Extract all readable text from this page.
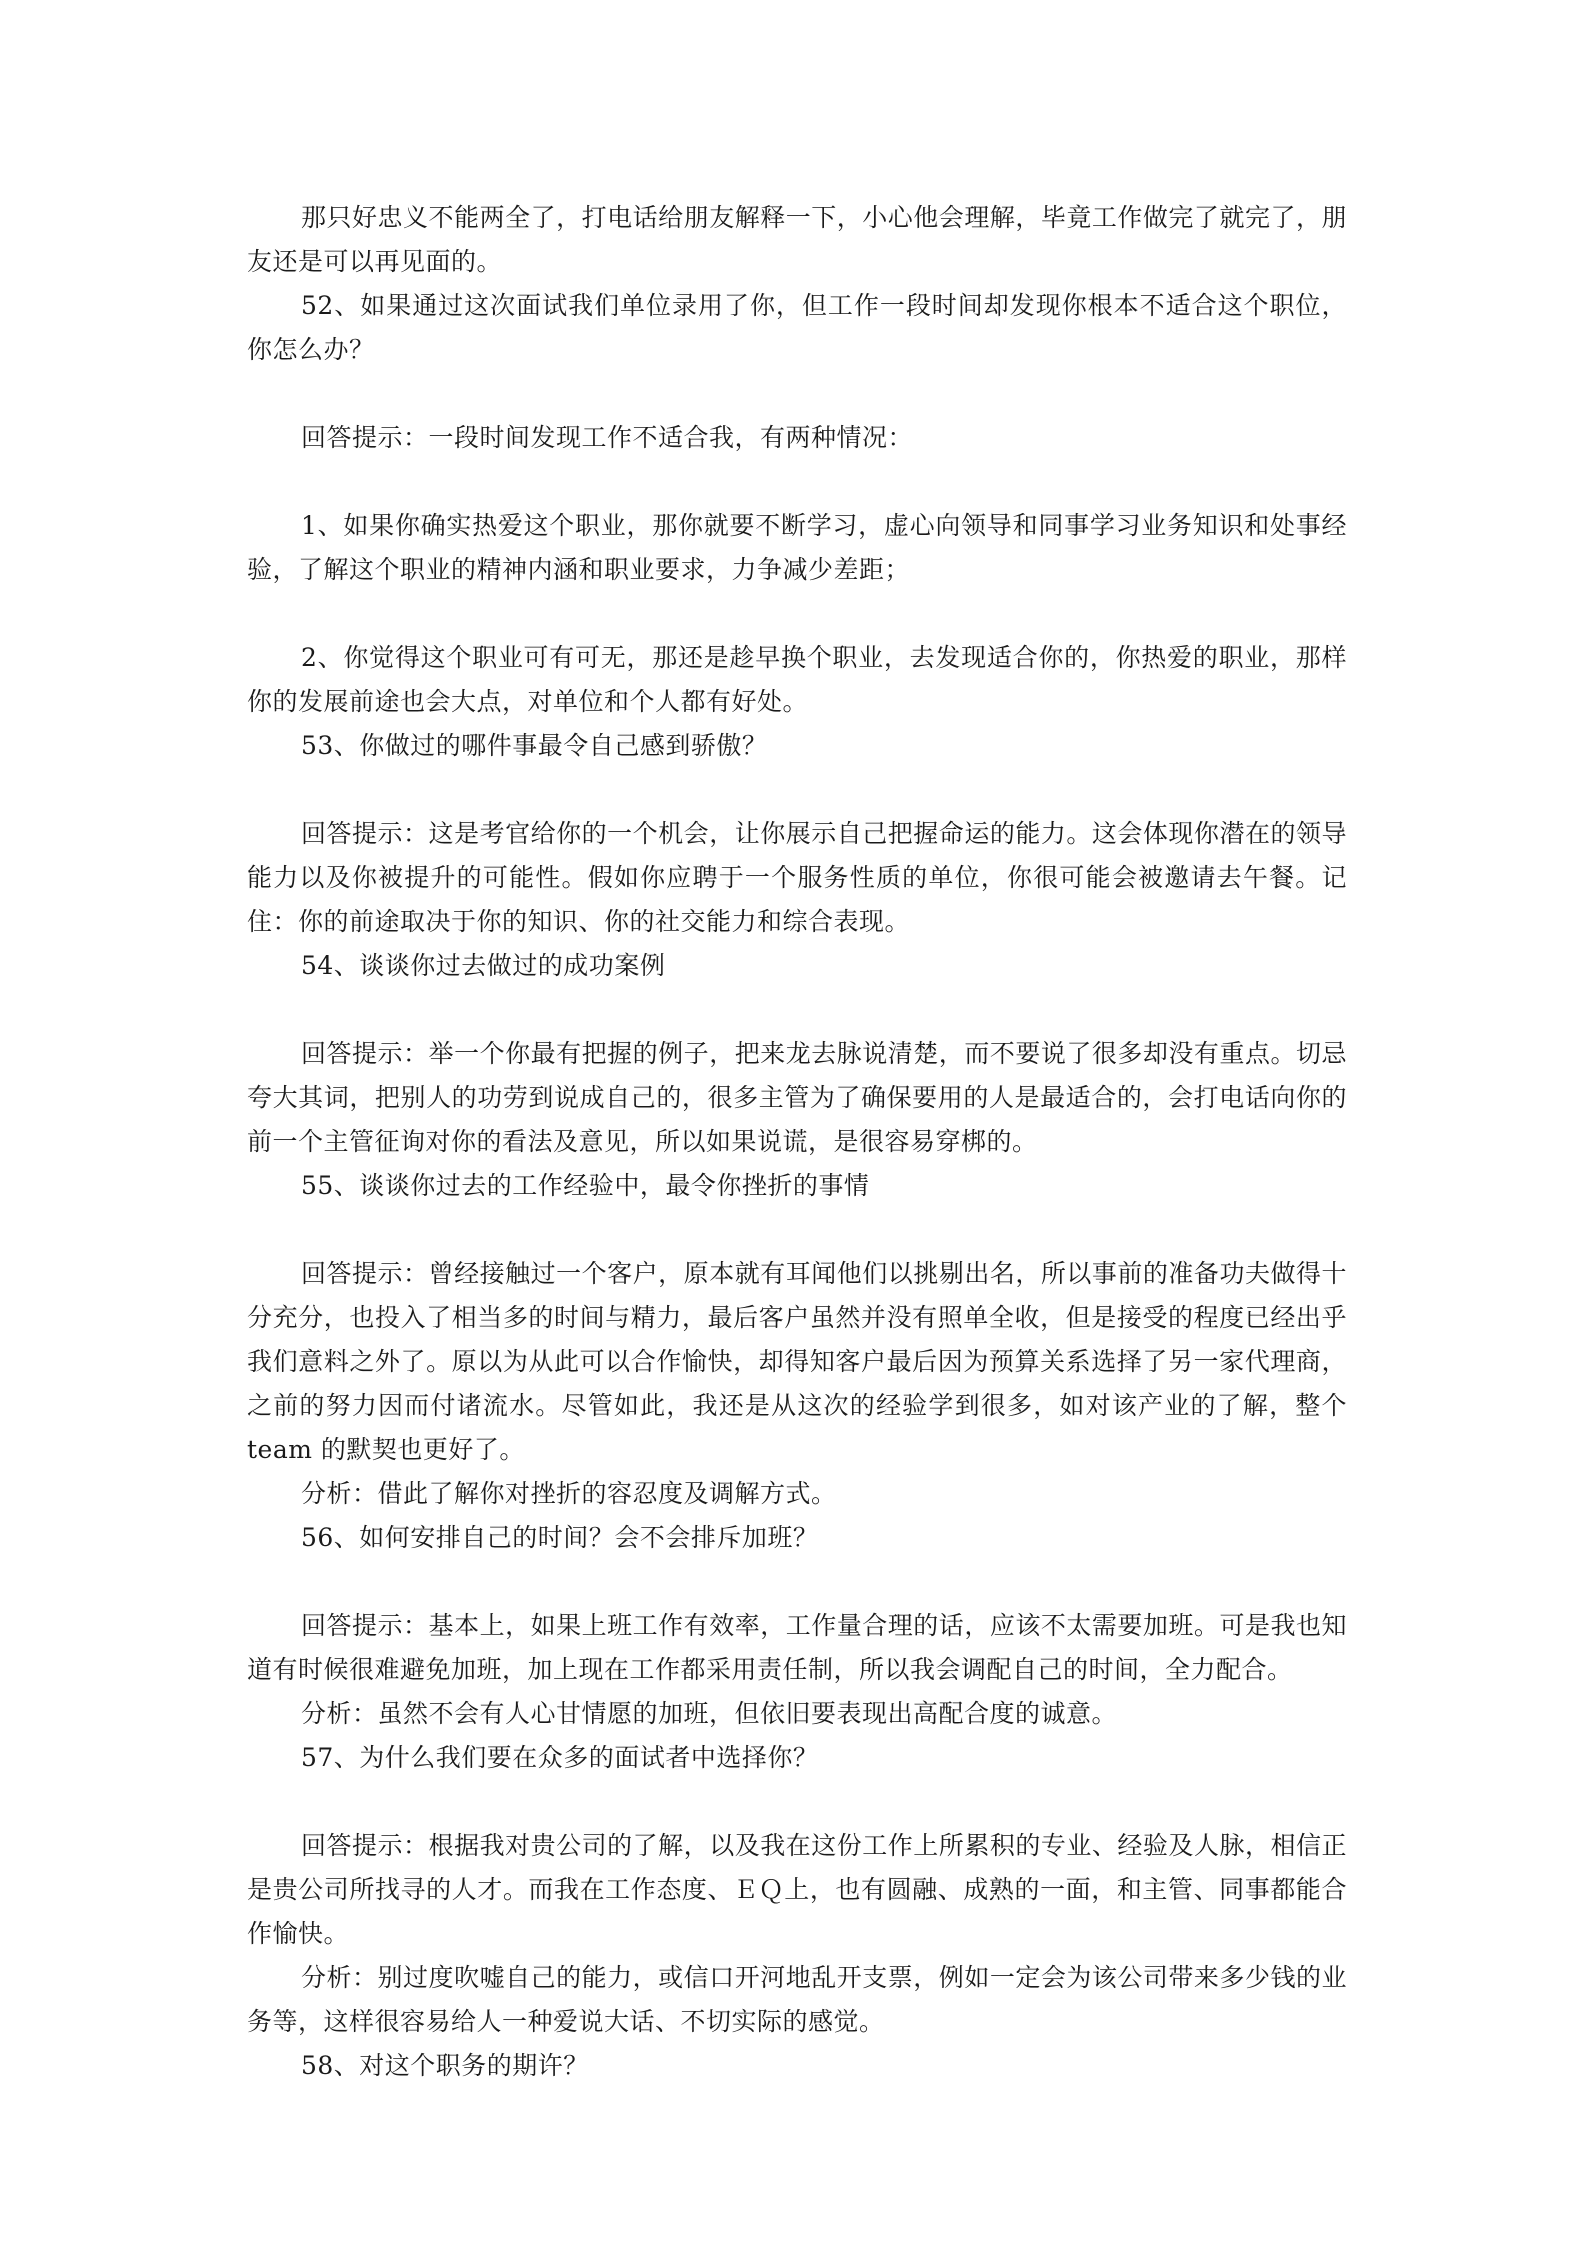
那只好忠义不能两全了，打电话给朋友解释一下，小心他会理解，毕竟工作做完了就完了，朋友还是可以再见面的。

52、如果通过这次面试我们单位录用了你，但工作一段时间却发现你根本不适合这个职位，你怎么办？

回答提示：一段时间发现工作不适合我，有两种情况：

1、如果你确实热爱这个职业，那你就要不断学习，虚心向领导和同事学习业务知识和处事经验，了解这个职业的精神内涵和职业要求，力争减少差距；

2、你觉得这个职业可有可无，那还是趁早换个职业，去发现适合你的，你热爱的职业，那样你的发展前途也会大点，对单位和个人都有好处。

53、你做过的哪件事最令自己感到骄傲？

回答提示：这是考官给你的一个机会，让你展示自己把握命运的能力。这会体现你潜在的领导能力以及你被提升的可能性。假如你应聘于一个服务性质的单位，你很可能会被邀请去午餐。记住：你的前途取决于你的知识、你的社交能力和综合表现。

54、谈谈你过去做过的成功案例

回答提示：举一个你最有把握的例子，把来龙去脉说清楚，而不要说了很多却没有重点。切忌夸大其词，把别人的功劳到说成自己的，很多主管为了确保要用的人是最适合的，会打电话向你的前一个主管征询对你的看法及意见，所以如果说谎，是很容易穿梆的。

55、谈谈你过去的工作经验中，最令你挫折的事情

回答提示：曾经接触过一个客户，原本就有耳闻他们以挑剔出名，所以事前的准备功夫做得十分充分，也投入了相当多的时间与精力，最后客户虽然并没有照单全收，但是接受的程度已经出乎我们意料之外了。原以为从此可以合作愉快，却得知客户最后因为预算关系选择了另一家代理商，之前的努力因而付诸流水。尽管如此，我还是从这次的经验学到很多，如对该产业的了解，整个 team 的默契也更好了。

分析：借此了解你对挫折的容忍度及调解方式。

56、如何安排自己的时间？会不会排斥加班？

回答提示：基本上，如果上班工作有效率，工作量合理的话，应该不太需要加班。可是我也知道有时候很难避免加班，加上现在工作都采用责任制，所以我会调配自己的时间，全力配合。

分析：虽然不会有人心甘情愿的加班，但依旧要表现出高配合度的诚意。

57、为什么我们要在众多的面试者中选择你？

回答提示：根据我对贵公司的了解，以及我在这份工作上所累积的专业、经验及人脉，相信正是贵公司所找寻的人才。而我在工作态度、ＥＱ上，也有圆融、成熟的一面，和主管、同事都能合作愉快。

分析：别过度吹嘘自己的能力，或信口开河地乱开支票，例如一定会为该公司带来多少钱的业务等，这样很容易给人一种爱说大话、不切实际的感觉。

58、对这个职务的期许？
